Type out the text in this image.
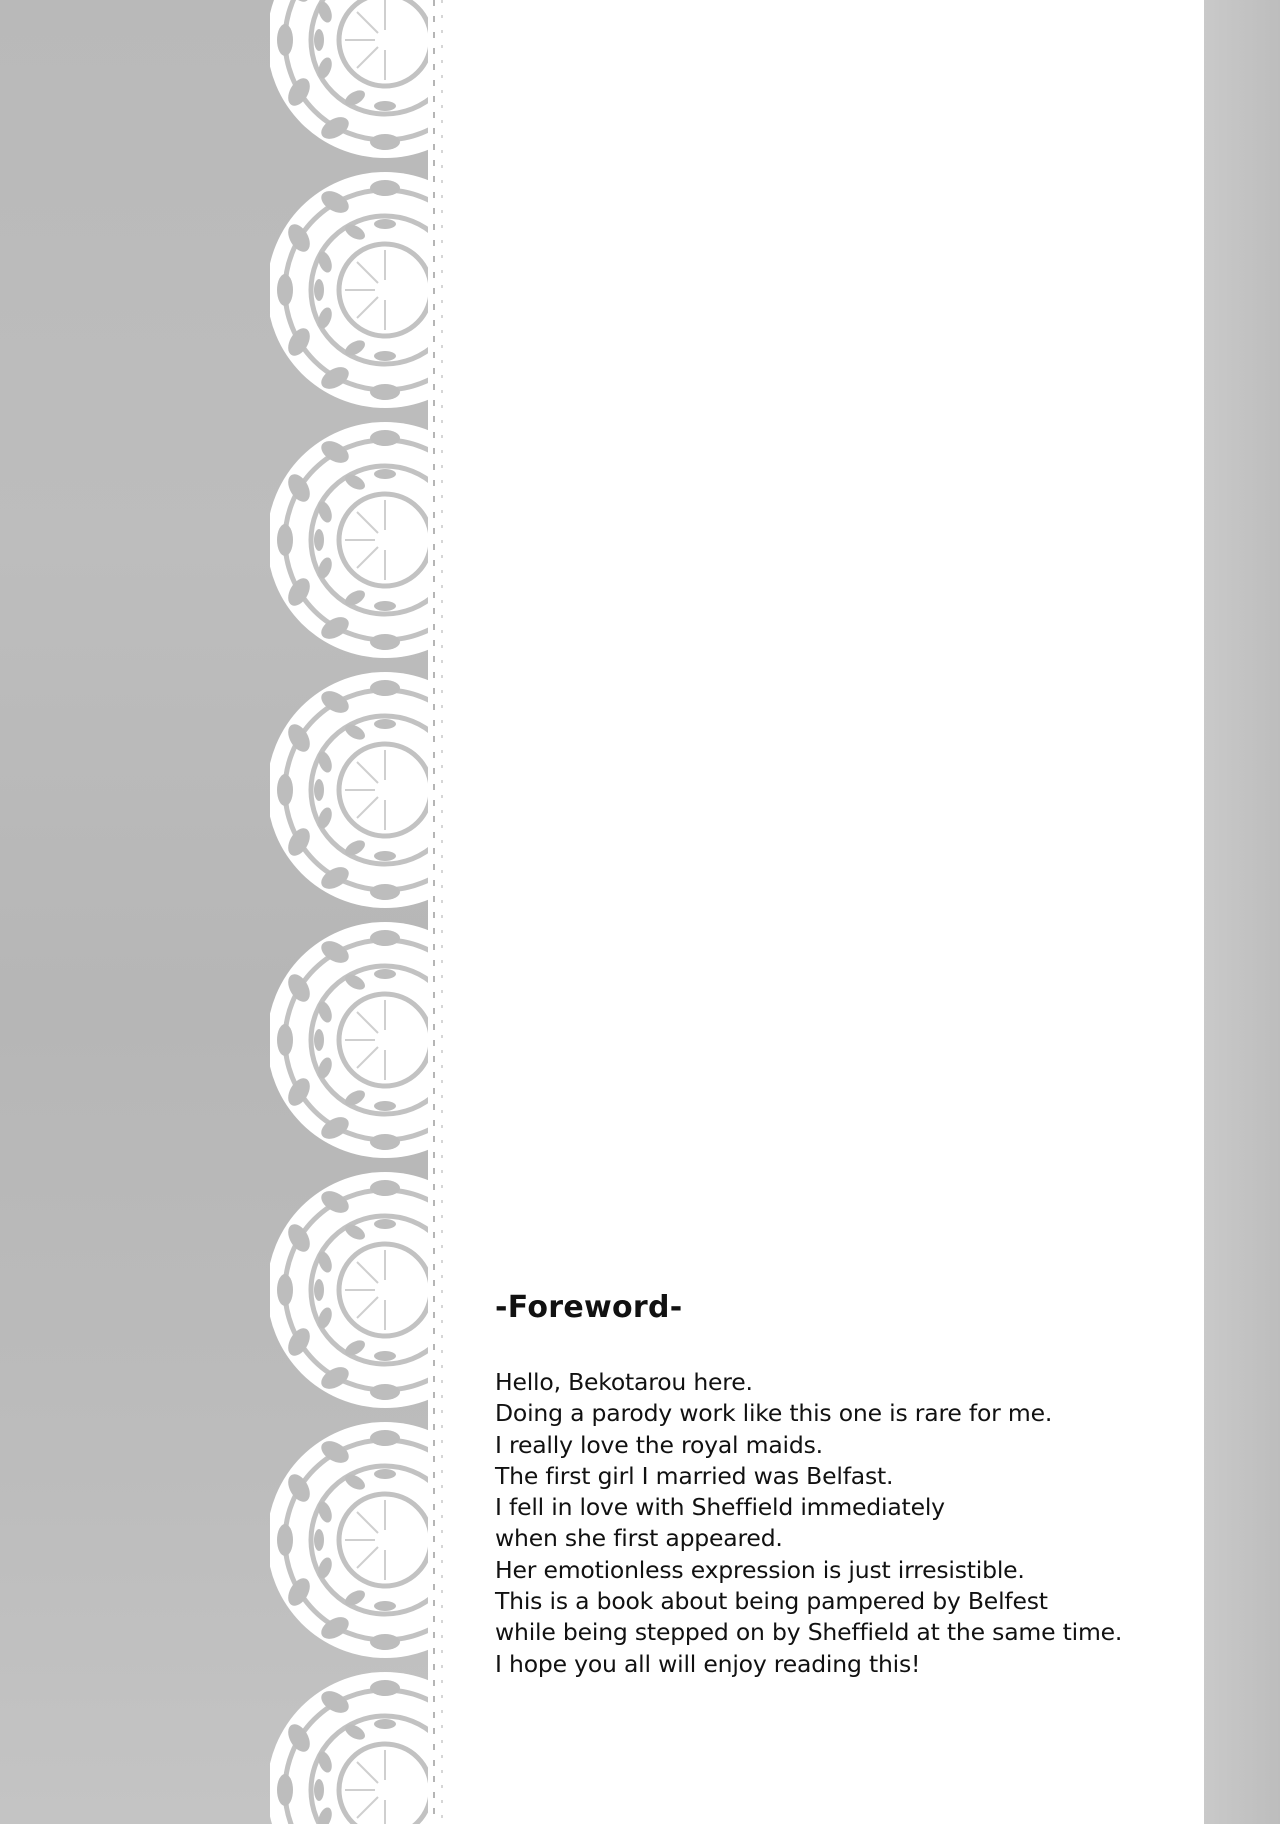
-Foreword-
Hello, Bekotarou here.
Doing a parody work like this one is rare for me.
I really love the royal maids.
The first girl I married was Belfast.
I fell in love with Sheffield immediately
when she first appeared.
Her emotionless expression is just irresistible.
This is a book about being pampered by Belfest
while being stepped on by Sheffield at the same time.
I hope you all will enjoy reading this!
